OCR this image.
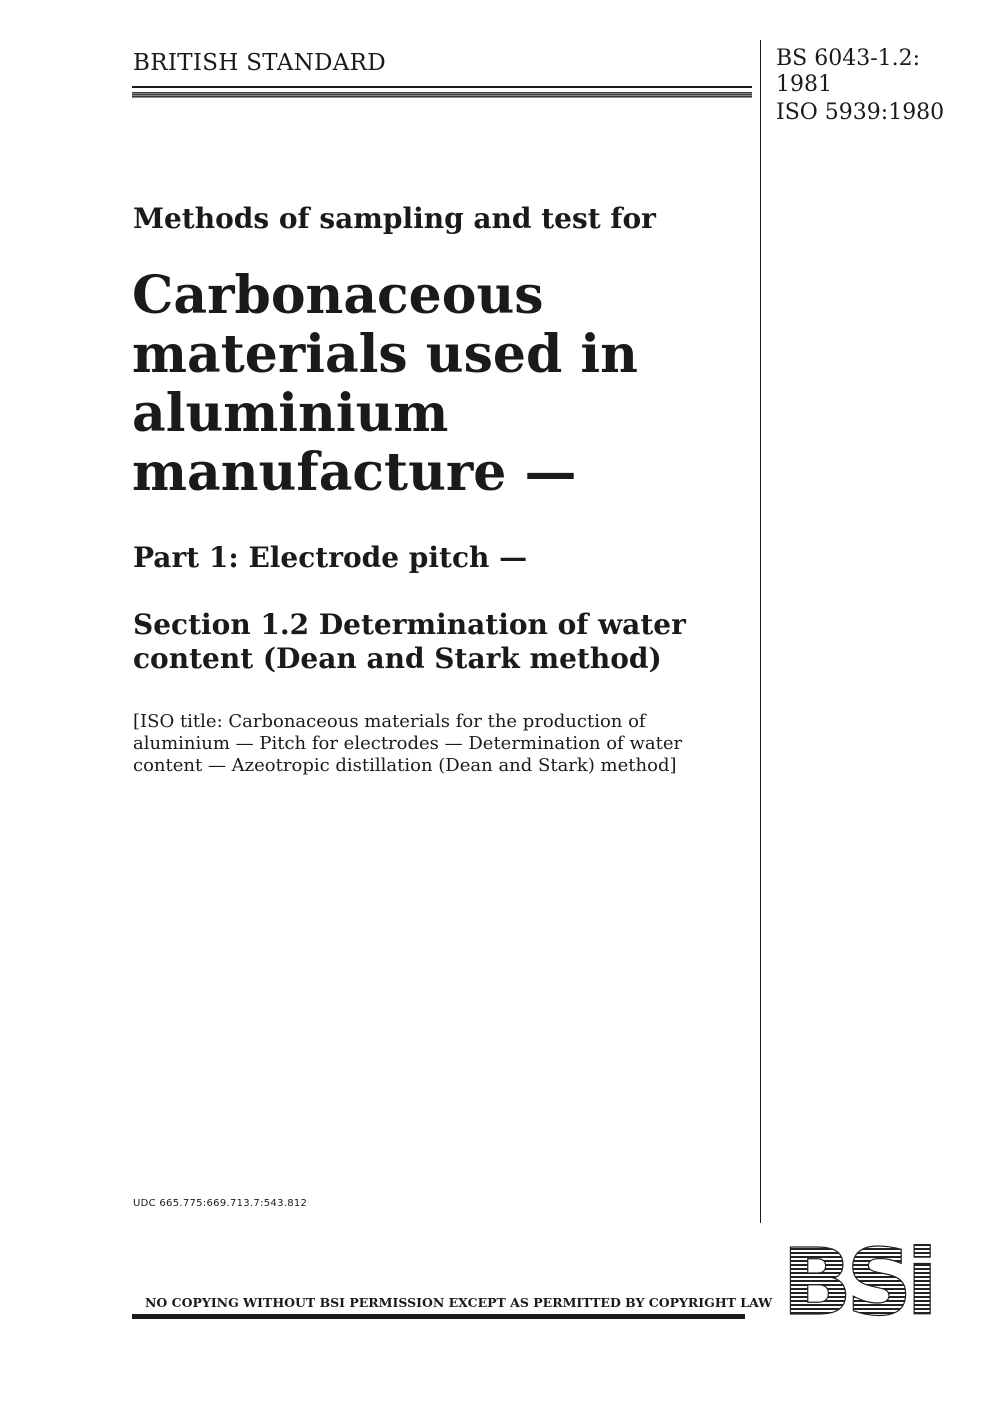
BRITISH STANDARD	BS 6043-1.2:
1981
ISO 5939:1980
Methods of sampling and test for
Carbonaceous
materials used in
aluminium
manufacture —
Part 1: Electrode pitch —
Section 1.2 Determination of water
content (Dean and Stark method)
[ISO title: Carbonaceous materials for the production of
aluminium — Pitch for electrodes — Determination of water
content — Azeotropic distillation (Dean and Stark) method]
UDC 665.775:669.713.7:543.812
NO COPYING WITHOUT BSI PERMISSION EXCEPT AS PERMITTED BY COPYRIGHT LAW BSi
